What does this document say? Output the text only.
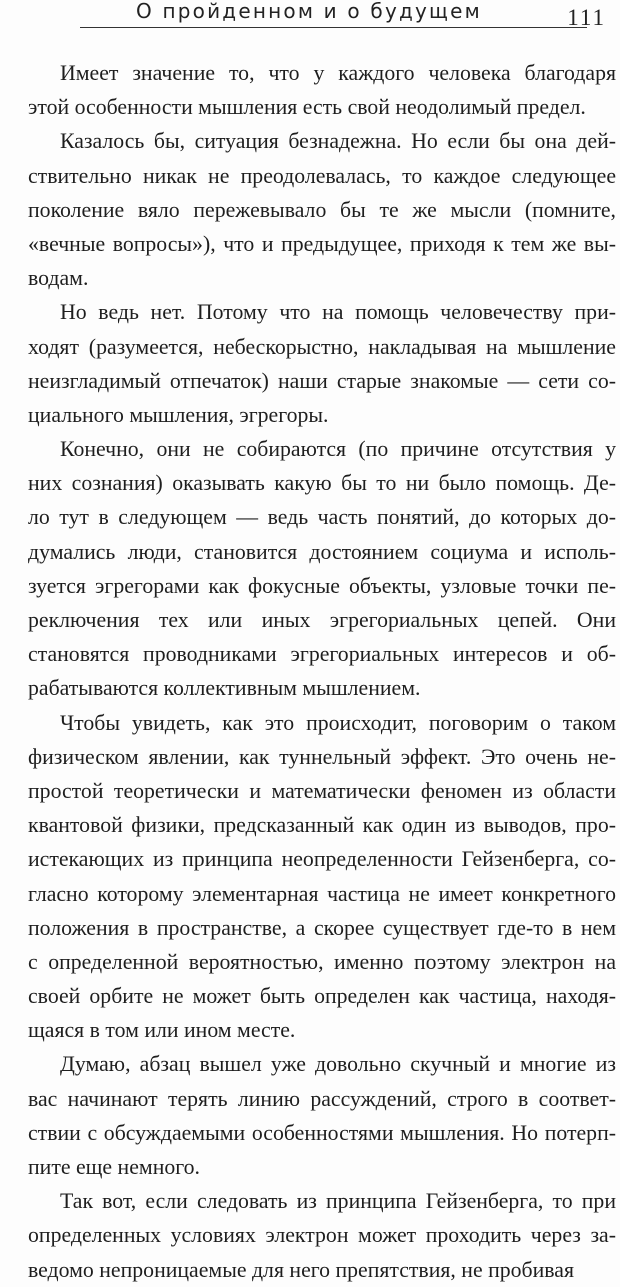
О пройденном и о будущем	111
Имеет значение то, что у каждого человека благодаря
этой особенности мышления есть свой неодолимый предел.
Казалось бы, ситуация безнадежна. Но если бы она дей-
ствительно никак не преодолевалась, то каждое следующее
поколение вяло пережевывало бы те же мысли (помните,
«вечные вопросы»), что и предыдущее, приходя к тем же вы-
водам.
Но ведь нет. Потому что на помощь человечеству при-
ходят (разумеется, небескорыстно, накладывая на мышление
неизгладимый отпечаток) наши старые знакомые — сети со-
циального мышления, эгрегоры.
Конечно, они не собираются (по причине отсутствия у
них сознания) оказывать какую бы то ни было помощь. Де-
ло тут в следующем — ведь часть понятий, до которых до-
думались люди, становится достоянием социума и исполь-
зуется эгрегорами как фокусные объекты, узловые точки пе-
реключения тех или иных эгрегориальных цепей. Они
становятся проводниками эгрегориальных интересов и об-
рабатываются коллективным мышлением.
Чтобы увидеть, как это происходит, поговорим о таком
физическом явлении, как туннельный эффект. Это очень не-
простой теоретически и математически феномен из области
квантовой физики, предсказанный как один из выводов, про-
истекающих из принципа неопределенности Гейзенберга, со-
гласно которому элементарная частица не имеет конкретного
положения в пространстве, а скорее существует где-то в нем
с определенной вероятностью, именно поэтому электрон на
своей орбите не может быть определен как частица, находя-
щаяся в том или ином месте.
Думаю, абзац вышел уже довольно скучный и многие из
вас начинают терять линию рассуждений, строго в соответ-
ствии с обсуждаемыми особенностями мышления. Но потерп-
пите еще немного.
Так вот, если следовать из принципа Гейзенберга, то при
определенных условиях электрон может проходить через за-
ведомо непроницаемые для него препятствия, не пробивая
